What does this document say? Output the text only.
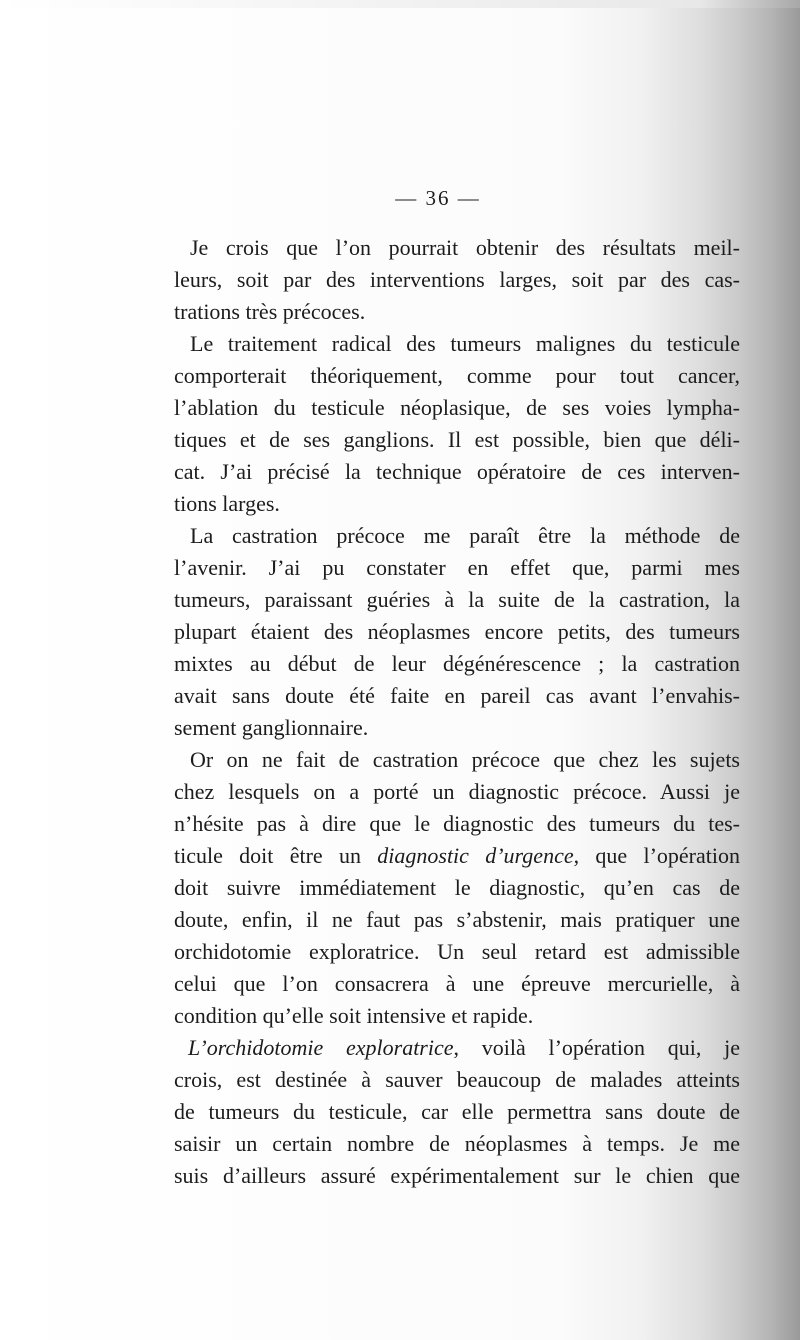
— 36 —
Je crois que l’on pourrait obtenir des résultats meil-
leurs, soit par des interventions larges, soit par des cas-
trations très précoces.
Le traitement radical des tumeurs malignes du testicule
comporterait théoriquement, comme pour tout cancer,
l’ablation du testicule néoplasique, de ses voies lympha-
tiques et de ses ganglions. Il est possible, bien que déli-
cat. J’ai précisé la technique opératoire de ces interven-
tions larges.
La castration précoce me paraît être la méthode de
l’avenir. J’ai pu constater en effet que, parmi mes
tumeurs, paraissant guéries à la suite de la castration, la
plupart étaient des néoplasmes encore petits, des tumeurs
mixtes au début de leur dégénérescence ; la castration
avait sans doute été faite en pareil cas avant l’envahis-
sement ganglionnaire.
Or on ne fait de castration précoce que chez les sujets
chez lesquels on a porté un diagnostic précoce. Aussi je
n’hésite pas à dire que le diagnostic des tumeurs du tes-
ticule doit être un diagnostic d’urgence, que l’opération
doit suivre immédiatement le diagnostic, qu’en cas de
doute, enfin, il ne faut pas s’abstenir, mais pratiquer une
orchidotomie exploratrice. Un seul retard est admissible
celui que l’on consacrera à une épreuve mercurielle, à
condition qu’elle soit intensive et rapide.
L’orchidotomie exploratrice, voilà l’opération qui, je
crois, est destinée à sauver beaucoup de malades atteints
de tumeurs du testicule, car elle permettra sans doute de
saisir un certain nombre de néoplasmes à temps. Je me
suis d’ailleurs assuré expérimentalement sur le chien que
